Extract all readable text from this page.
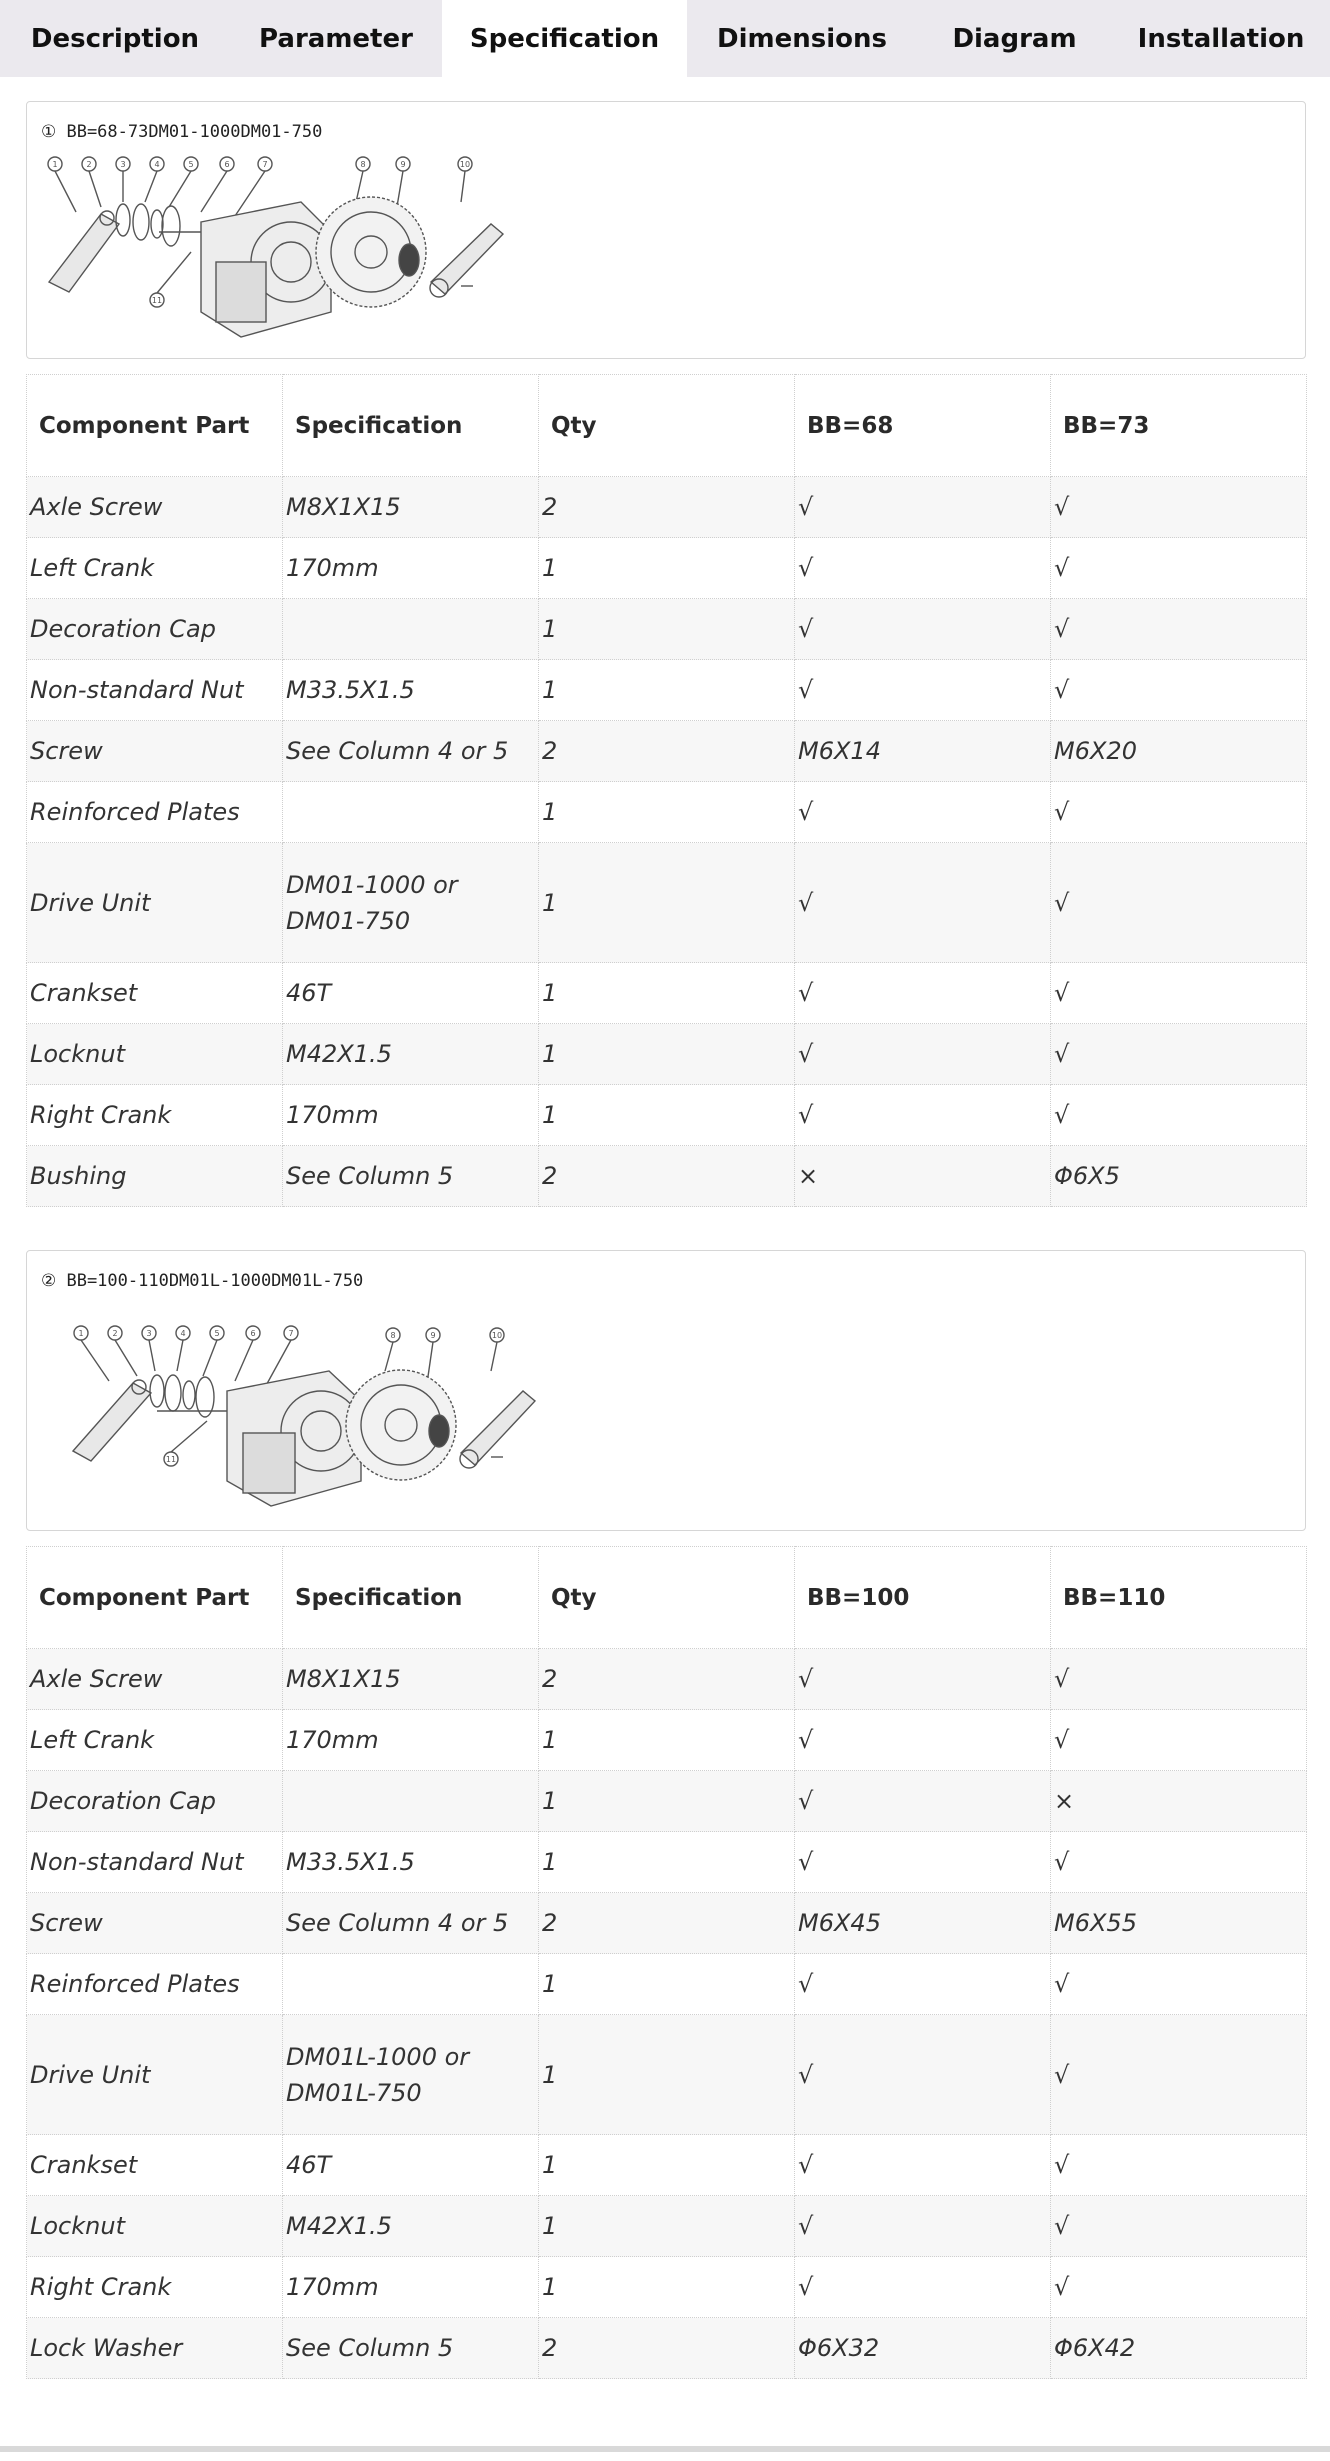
Description	Parameter	Specification	Dimensions	Diagram	Installation
① BB=68-73DM01-1000DM01-750
1	2	3	4	5	6	7	8	9	10
11
Component Part	Specification	Qty	BB=68	BB=73
Axle Screw	M8X1X15	2	√	√
Left Crank	170mm	1	√	√
Decoration Cap		1	√	√
Non-standard Nut	M33.5X1.5	1	√	√
Screw	See Column 4 or 5	2	M6X14	M6X20
Reinforced Plates		1	√	√
Drive Unit	DM01-1000 or DM01-750	1	√	√
Crankset	46T	1	√	√
Locknut	M42X1.5	1	√	√
Right Crank	170mm	1	√	√
Bushing	See Column 5	2	×	Φ6X5
② BB=100-110DM01L-1000DM01L-750
1	2	3	4	5	6	7	8	9	10
11
Component Part	Specification	Qty	BB=100	BB=110
Axle Screw	M8X1X15	2	√	√
Left Crank	170mm	1	√	√
Decoration Cap		1	√	×
Non-standard Nut	M33.5X1.5	1	√	√
Screw	See Column 4 or 5	2	M6X45	M6X55
Reinforced Plates		1	√	√
Drive Unit	DM01L-1000 or DM01L-750	1	√	√
Crankset	46T	1	√	√
Locknut	M42X1.5	1	√	√
Right Crank	170mm	1	√	√
Lock Washer	See Column 5	2	Φ6X32	Φ6X42
